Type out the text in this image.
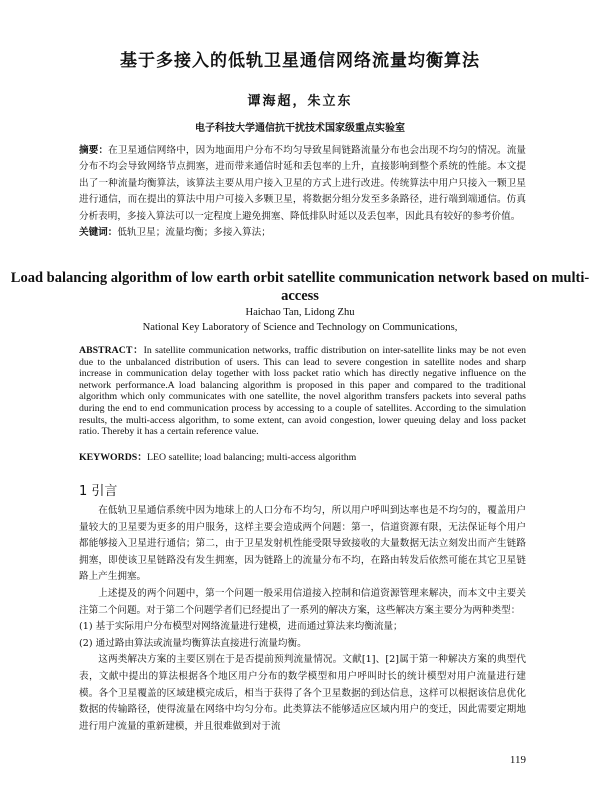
基于多接入的低轨卫星通信网络流量均衡算法
谭海超，朱立东
电子科技大学通信抗干扰技术国家级重点实验室
摘要：在卫星通信网络中，因为地面用户分布不均匀导致星间链路流量分布也会出现不均匀的情况。流量分布不均会导致网络节点拥塞，进而带来通信时延和丢包率的上升，直接影响到整个系统的性能。本文提出了一种流量均衡算法，该算法主要从用户接入卫星的方式上进行改进。传统算法中用户只接入一颗卫星进行通信，而在提出的算法中用户可接入多颗卫星，将数据分组分发至多条路径，进行端到端通信。仿真分析表明，多接入算法可以一定程度上避免拥塞、降低排队时延以及丢包率，因此具有较好的参考价值。
关键词：低轨卫星；流量均衡；多接入算法；
Load balancing algorithm of low earth orbit satellite communication network based on multi-access
Haichao Tan, Lidong Zhu
National Key Laboratory of Science and Technology on Communications,
ABSTRACT：In satellite communication networks, traffic distribution on inter-satellite links may be not even due to the unbalanced distribution of users. This can lead to severe congestion in satellite nodes and sharp increase in communication delay together with loss packet ratio which has directly negative influence on the network performance.A load balancing algorithm is proposed in this paper and compared to the traditional algorithm which only communicates with one satellite, the novel algorithm transfers packets into several paths during the end to end communication process by accessing to a couple of satellites. According to the simulation results, the multi-access algorithm, to some extent, can avoid congestion, lower queuing delay and loss packet ratio. Thereby it has a certain reference value.
KEYWORDS：LEO satellite; load balancing; multi-access algorithm
1 引言

在低轨卫星通信系统中因为地球上的人口分布不均匀，所以用户呼叫到达率也是不均匀的，覆盖用户量较大的卫星要为更多的用户服务，这样主要会造成两个问题：第一，信道资源有限，无法保证每个用户都能够接入卫星进行通信；第二，由于卫星发射机性能受限导致接收的大量数据无法立刻发出而产生链路拥塞，即使该卫星链路没有发生拥塞，因为链路上的流量分布不均，在路由转发后依然可能在其它卫星链路上产生拥塞。

上述提及的两个问题中，第一个问题一般采用信道接入控制和信道资源管理来解决，而本文中主要关注第二个问题。对于第二个问题学者们已经提出了一系列的解决方案，这些解决方案主要分为两种类型：

(1) 基于实际用户分布模型对网络流量进行建模，进而通过算法来均衡流量；

(2) 通过路由算法或流量均衡算法直接进行流量均衡。

这两类解决方案的主要区别在于是否提前预判流量情况。文献[1]、[2]属于第一种解决方案的典型代表，文献中提出的算法根据各个地区用户分布的数学模型和用户呼叫时长的统计模型对用户流量进行建模。各个卫星覆盖的区域建模完成后，相当于获得了各个卫星数据的到达信息，这样可以根据该信息优化数据的传输路径，使得流量在网络中均匀分布。此类算法不能够适应区域内用户的变迁，因此需要定期地进行用户流量的重新建模，并且很难做到对于流

119
